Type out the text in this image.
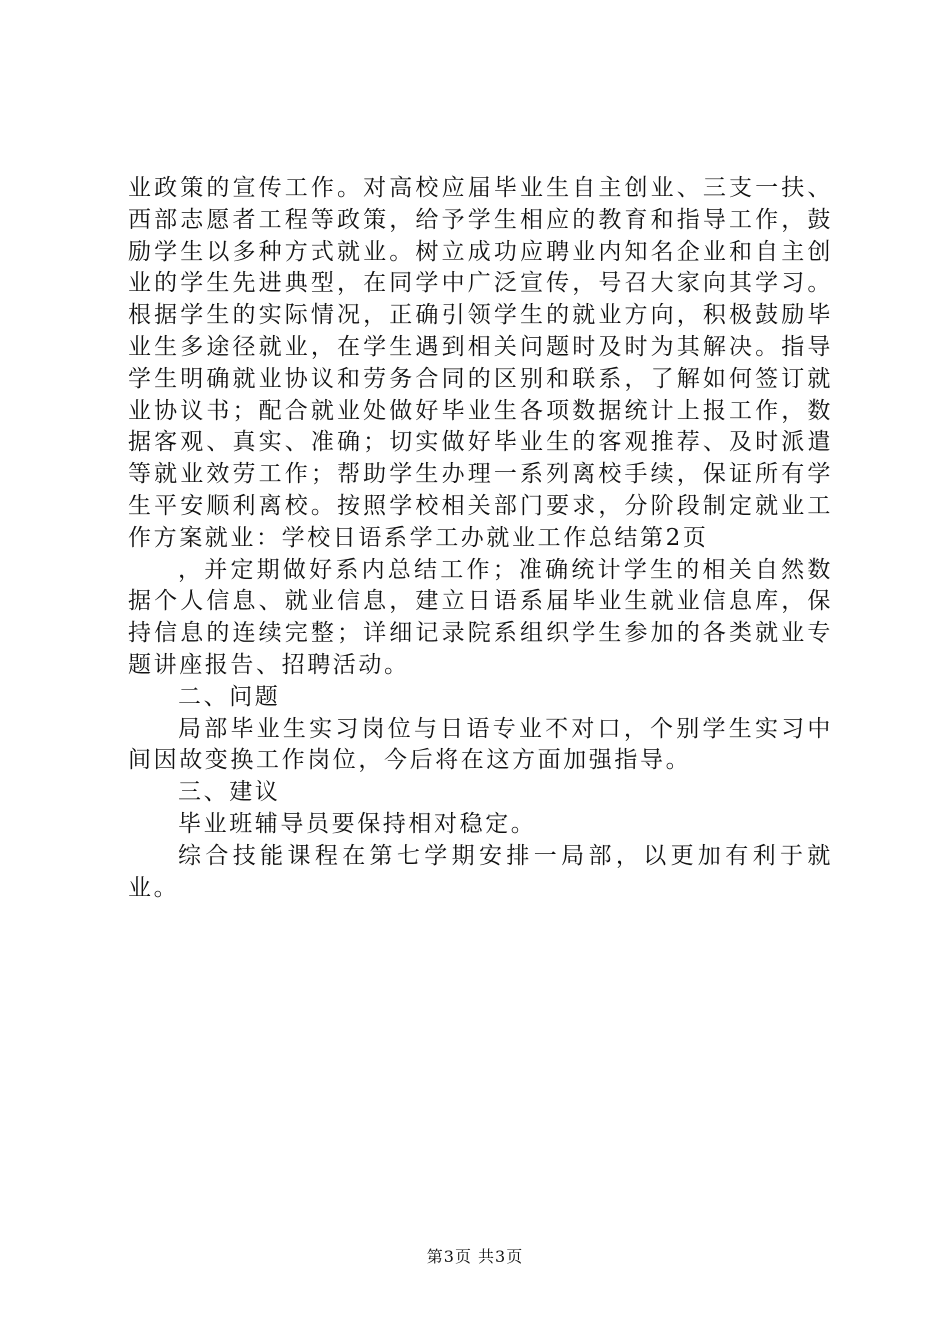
业政策的宣传工作。对高校应届毕业生自主创业、三支一扶、西部志愿者工程等政策，给予学生相应的教育和指导工作，鼓励学生以多种方式就业。树立成功应聘业内知名企业和自主创业的学生先进典型，在同学中广泛宣传，号召大家向其学习。根据学生的实际情况，正确引领学生的就业方向，积极鼓励毕业生多途径就业，在学生遇到相关问题时及时为其解决。指导学生明确就业协议和劳务合同的区别和联系，了解如何签订就业协议书；配合就业处做好毕业生各项数据统计上报工作，数据客观、真实、准确；切实做好毕业生的客观推荐、及时派遣等就业效劳工作；帮助学生办理一系列离校手续，保证所有学生平安顺利离校。按照学校相关部门要求，分阶段制定就业工作方案就业：学校日语系学工办就业工作总结第2页

，并定期做好系内总结工作；准确统计学生的相关自然数据个人信息、就业信息，建立日语系届毕业生就业信息库，保持信息的连续完整；详细记录院系组织学生参加的各类就业专题讲座报告、招聘活动。

二、问题

局部毕业生实习岗位与日语专业不对口，个别学生实习中间因故变换工作岗位，今后将在这方面加强指导。

三、建议

毕业班辅导员要保持相对稳定。

综合技能课程在第七学期安排一局部，以更加有利于就业。

第3页 共3页
